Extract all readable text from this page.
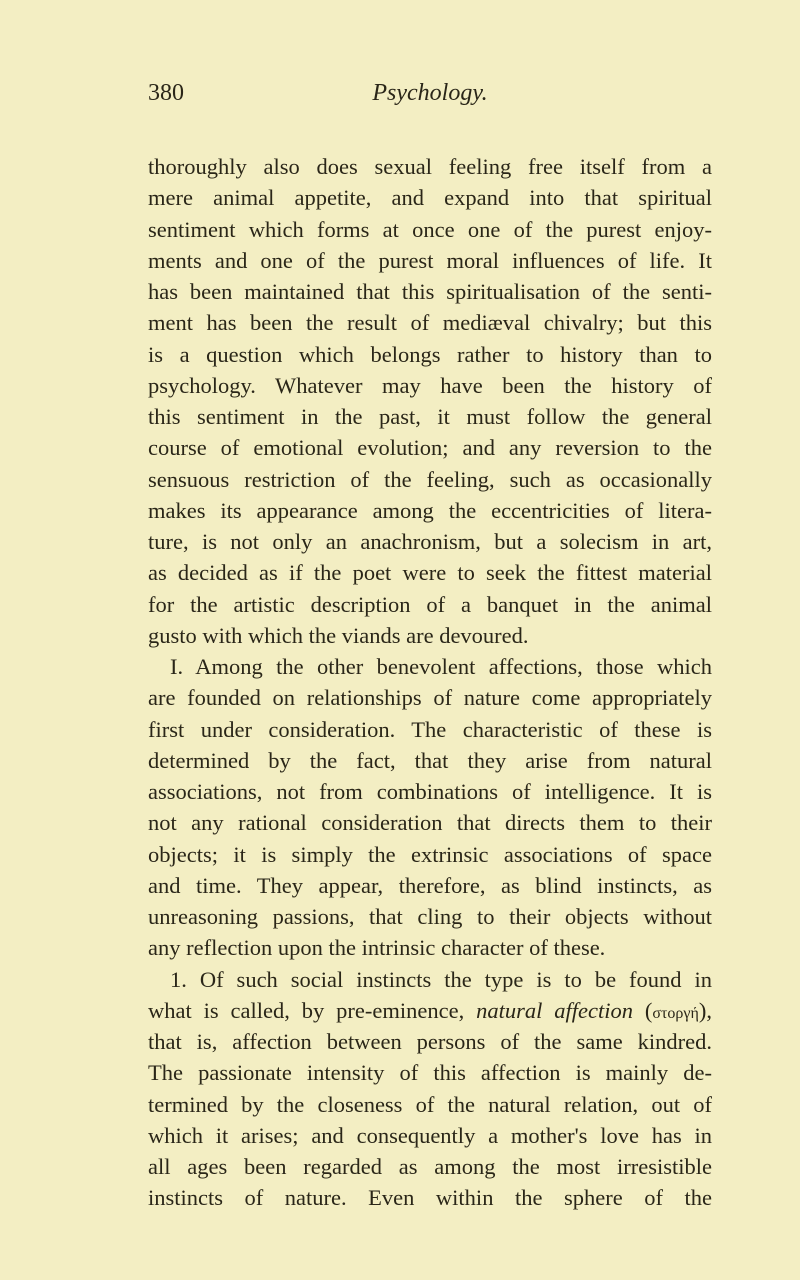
380	Psychology.
thoroughly also does sexual feeling free itself from a
mere animal appetite, and expand into that spiritual
sentiment which forms at once one of the purest enjoy-
ments and one of the purest moral influences of life. It
has been maintained that this spiritualisation of the senti-
ment has been the result of mediæval chivalry; but this
is a question which belongs rather to history than to
psychology. Whatever may have been the history of
this sentiment in the past, it must follow the general
course of emotional evolution; and any reversion to the
sensuous restriction of the feeling, such as occasionally
makes its appearance among the eccentricities of litera-
ture, is not only an anachronism, but a solecism in art,
as decided as if the poet were to seek the fittest material
for the artistic description of a banquet in the animal
gusto with which the viands are devoured.
I. Among the other benevolent affections, those which
are founded on relationships of nature come appropriately
first under consideration. The characteristic of these is
determined by the fact, that they arise from natural
associations, not from combinations of intelligence. It is
not any rational consideration that directs them to their
objects; it is simply the extrinsic associations of space
and time. They appear, therefore, as blind instincts, as
unreasoning passions, that cling to their objects without
any reflection upon the intrinsic character of these.
1. Of such social instincts the type is to be found in
what is called, by pre-eminence, natural affection (στοργή),
that is, affection between persons of the same kindred.
The passionate intensity of this affection is mainly de-
termined by the closeness of the natural relation, out of
which it arises; and consequently a mother's love has in
all ages been regarded as among the most irresistible
instincts of nature. Even within the sphere of the
